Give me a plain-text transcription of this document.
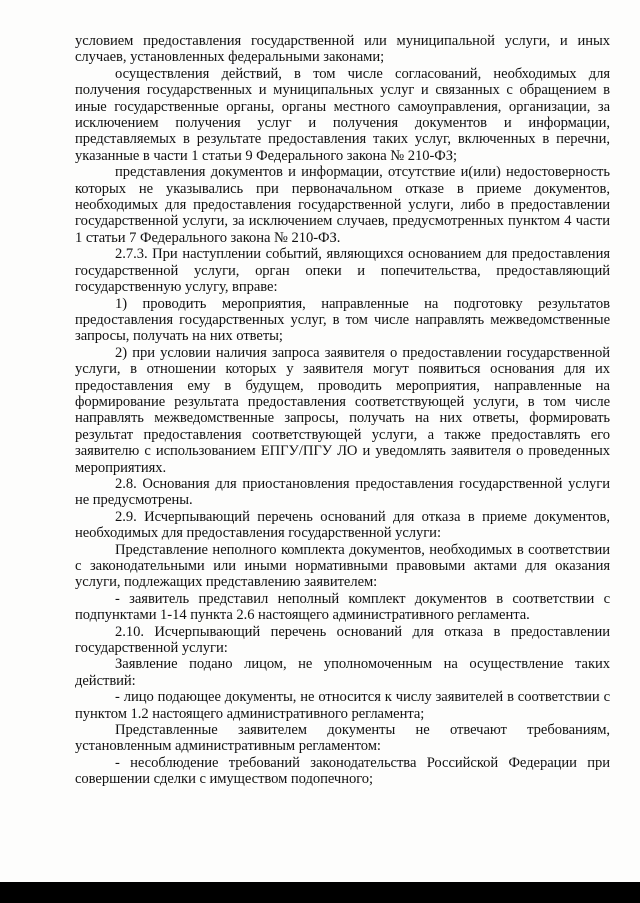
условием предоставления государственной или муниципальной услуги, и иных случаев, установленных федеральными законами;

осуществления действий, в том числе согласований, необходимых для получения государственных и муниципальных услуг и связанных с обращением в иные государственные органы, органы местного самоуправления, организации, за исключением получения услуг и получения документов и информации, представляемых в результате предоставления таких услуг, включенных в перечни, указанные в части 1 статьи 9 Федерального закона № 210-ФЗ;

представления документов и информации, отсутствие и(или) недостоверность которых не указывались при первоначальном отказе в приеме документов, необходимых для предоставления государственной услуги, либо в предоставлении государственной услуги, за исключением случаев, предусмотренных пунктом 4 части 1 статьи 7 Федерального закона № 210-ФЗ.

2.7.3. При наступлении событий, являющихся основанием для предоставления государственной услуги, орган опеки и попечительства, предоставляющий государственную услугу, вправе:

1) проводить мероприятия, направленные на подготовку результатов предоставления государственных услуг, в том числе направлять межведомственные запросы, получать на них ответы;

2) при условии наличия запроса заявителя о предоставлении государственной услуги, в отношении которых у заявителя могут появиться основания для их предоставления ему в будущем, проводить мероприятия, направленные на формирование результата предоставления соответствующей услуги, в том числе направлять межведомственные запросы, получать на них ответы, формировать результат предоставления соответствующей услуги, а также предоставлять его заявителю с использованием ЕПГУ/ПГУ ЛО и уведомлять заявителя о проведенных мероприятиях.

2.8. Основания для приостановления предоставления государственной услуги не предусмотрены.

2.9. Исчерпывающий перечень оснований для отказа в приеме документов, необходимых для предоставления государственной услуги:

Представление неполного комплекта документов, необходимых в соответствии с законодательными или иными нормативными правовыми актами для оказания услуги, подлежащих представлению заявителем:

- заявитель представил неполный комплект документов в соответствии с подпунктами 1-14 пункта 2.6 настоящего административного регламента.

2.10. Исчерпывающий перечень оснований для отказа в предоставлении государственной услуги:

Заявление подано лицом, не уполномоченным на осуществление таких действий:

- лицо подающее документы, не относится к числу заявителей в соответствии с пунктом 1.2 настоящего административного регламента;

Представленные заявителем документы не отвечают требованиям, установленным административным регламентом:

- несоблюдение требований законодательства Российской Федерации при совершении сделки с имуществом подопечного;
